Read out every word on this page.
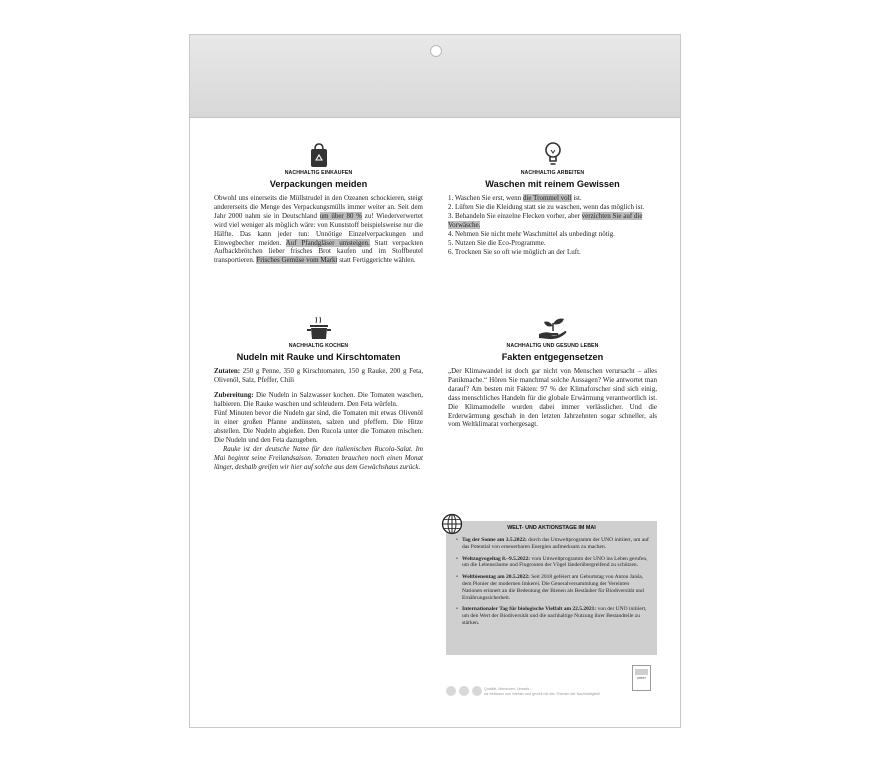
NACHHALTIG EINKAUFEN
Verpackungen meiden
Obwohl uns einerseits die Müllstrudel in den Ozeanen schockieren, steigt andererseits die Menge des Verpackungsmülls immer weiter an. Seit dem Jahr 2000 nahm sie in Deutschland um über 80 % zu! Wiederverwertet wird viel weniger als möglich wäre: von Kunststoff beispielsweise nur die Hälfte. Das kann jeder tun: Unnötige Einzelverpackungen und Einwegbecher meiden. Auf Pfandgläser umsteigen. Statt verpackten Aufbackbrötchen lieber frisches Brot kaufen und im Stoffbeutel transportieren. Frisches Gemüse vom Markt statt Fertiggerichte wählen.
NACHHALTIG ARBEITEN
Waschen mit reinem Gewissen
1. Waschen Sie erst, wenn die Trommel voll ist.
2. Lüften Sie die Kleidung statt sie zu waschen, wenn das möglich ist.
3. Behandeln Sie einzelne Flecken vorher, aber verzichten Sie auf die Vorwäsche.
4. Nehmen Sie nicht mehr Waschmittel als unbedingt nötig.
5. Nutzen Sie die Eco-Programme.
6. Trocknen Sie so oft wie möglich an der Luft.
NACHHALTIG KOCHEN
Nudeln mit Rauke und Kirschtomaten

Zutaten: 250 g Penne, 350 g Kirschtomaten, 150 g Rauke, 200 g Feta, Olivenöl, Salz, Pfeffer, Chili

Zubereitung: Die Nudeln in Salzwasser kochen. Die Tomaten waschen, halbieren. Die Rauke waschen und schleudern. Den Feta würfeln.

Fünf Minuten bevor die Nudeln gar sind, die Tomaten mit etwas Olivenöl in einer großen Pfanne andünsten, salzen und pfeffern. Die Hitze abstellen. Die Nudeln abgießen. Den Rucola unter die Tomaten mischen. Die Nudeln und den Feta dazugeben.

Rauke ist der deutsche Name für den italienischen Rucola-Salat. Im Mai beginnt seine Freilandsaison. Tomaten brauchen noch einen Monat länger, deshalb greifen wir hier auf solche aus dem Gewächshaus zurück.

NACHHALTIG UND GESUND LEBEN
Fakten entgegensetzen
„Der Klimawandel ist doch gar nicht von Menschen verursacht – alles Panikmache.“ Hören Sie manchmal solche Aussagen? Wie antwortet man darauf? Am besten mit Fakten: 97 % der Klimaforscher sind sich einig, dass menschliches Handeln für die globale Erwärmung verantwortlich ist. Die Klimamodelle wurden dabei immer verlässlicher. Und die Erderwärmung geschah in den letzten Jahrzehnten sogar schneller, als vom Weltklimarat vorhergesagt.
WELT- UND AKTIONSTAGE IM MAI
• Tag der Sonne am 3.5.2022: durch das Umweltprogramm der UNO initiiert, um auf das Potential von erneuerbaren Energien aufmerksam zu machen.
• Weltzugvogeltag 8.–9.5.2022: vom Umweltprogramm der UNO ins Leben gerufen, um die Lebensräume und Flugrouten der Vögel länderübergreifend zu schützen.
• Weltbienentag am 20.5.2022: Seit 2018 gefeiert am Geburtstag von Anton Janša, dem Pionier der modernen Imkerei. Die Generalversammlung der Vereinten Nationen erinnert an die Bedeutung der Bienen als Bestäuber für Biodiversität und Ernährungssicherheit.
• Internationaler Tag für biologische Vielfalt am 22.5.2021: von der UNO initiiert, um den Wert der Biodiversität und die nachhaltige Nutzung ihrer Bestandteile zu stärken.
Qualität, Menschen, Umwelt –
wir befassen uns intensiv und gezielt mit den Themen der Nachhaltigkeit!
weber
